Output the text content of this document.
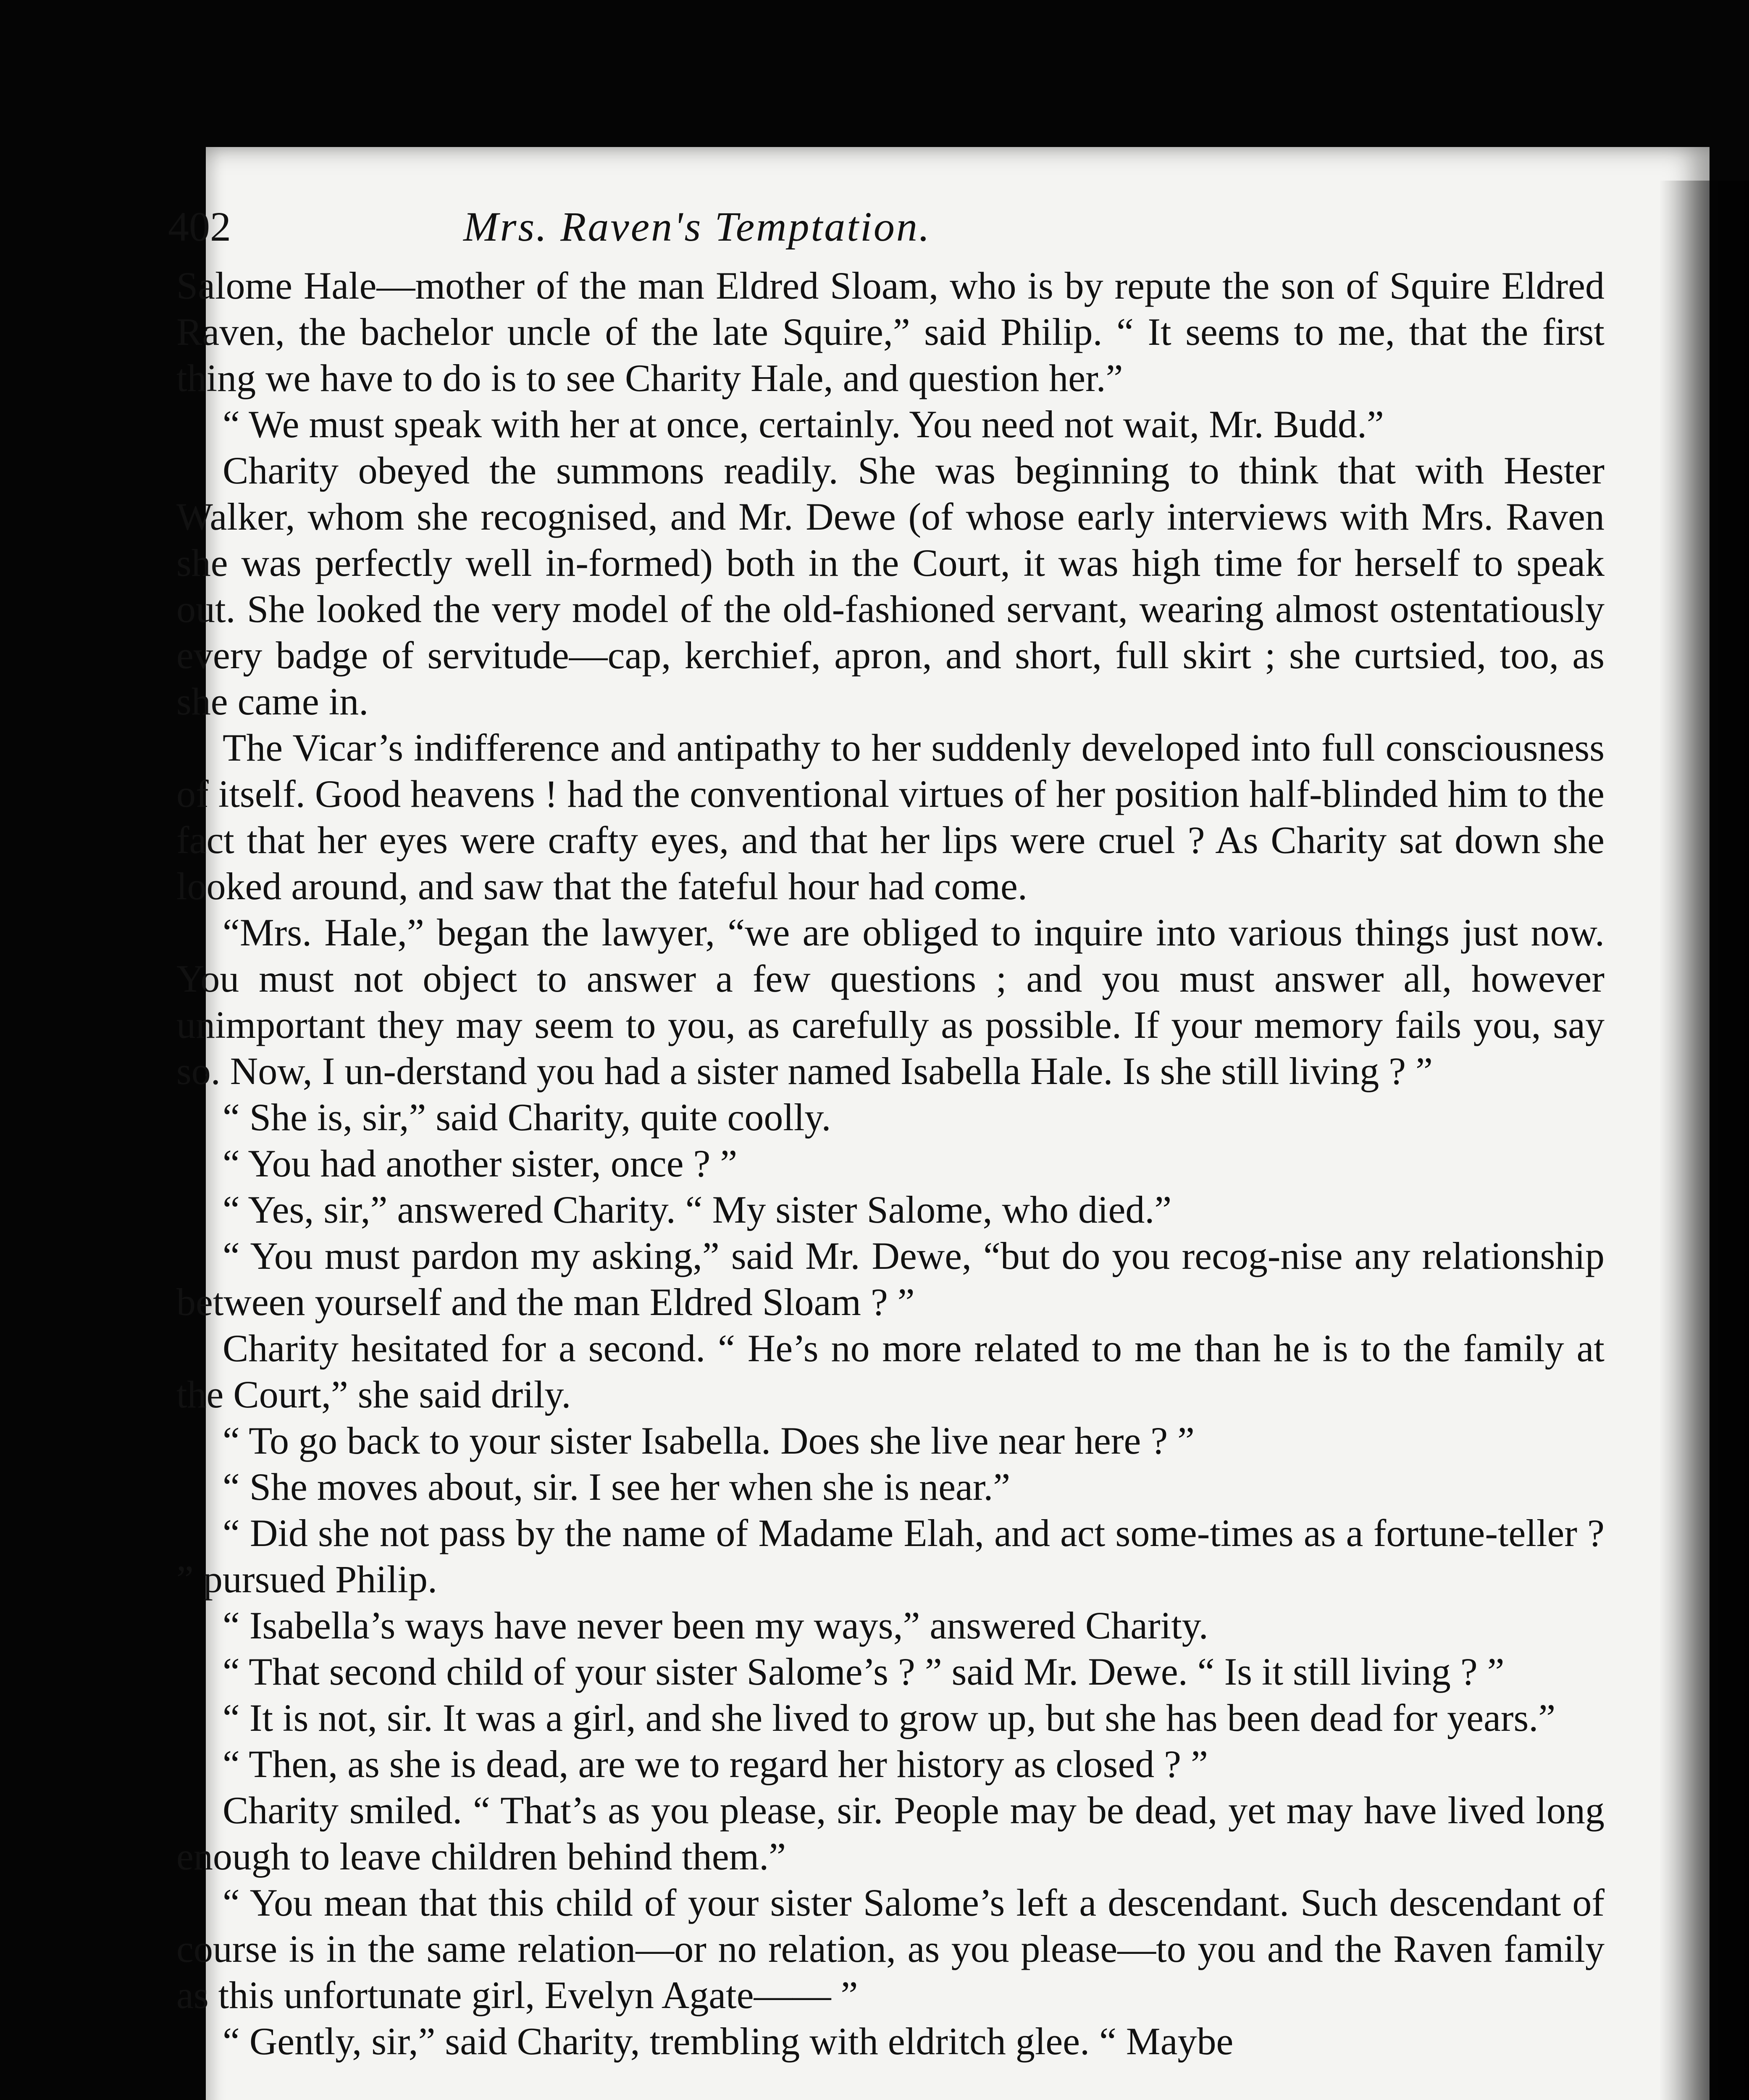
402	Mrs. Raven's Temptation.

Salome Hale—mother of the man Eldred Sloam, who is by repute the son of Squire Eldred Raven, the bachelor uncle of the late Squire,” said Philip. “ It seems to me, that the first thing we have to do is to see Charity Hale, and question her.”

“ We must speak with her at once, certainly. You need not wait, Mr. Budd.”

Charity obeyed the summons readily. She was beginning to think that with Hester Walker, whom she recognised, and Mr. Dewe (of whose early interviews with Mrs. Raven she was perfectly well in-formed) both in the Court, it was high time for herself to speak out. She looked the very model of the old-fashioned servant, wearing almost ostentatiously every badge of servitude—cap, kerchief, apron, and short, full skirt ; she curtsied, too, as she came in.

The Vicar’s indifference and antipathy to her suddenly developed into full consciousness of itself. Good heavens ! had the conventional virtues of her position half-blinded him to the fact that her eyes were crafty eyes, and that her lips were cruel ? As Charity sat down she looked around, and saw that the fateful hour had come.

“Mrs. Hale,” began the lawyer, “we are obliged to inquire into various things just now. You must not object to answer a few questions ; and you must answer all, however unimportant they may seem to you, as carefully as possible. If your memory fails you, say so. Now, I un-derstand you had a sister named Isabella Hale. Is she still living ? ”

“ She is, sir,” said Charity, quite coolly.

“ You had another sister, once ? ”

“ Yes, sir,” answered Charity. “ My sister Salome, who died.”

“ You must pardon my asking,” said Mr. Dewe, “but do you recog-nise any relationship between yourself and the man Eldred Sloam ? ”

Charity hesitated for a second. “ He’s no more related to me than he is to the family at the Court,” she said drily.

“ To go back to your sister Isabella. Does she live near here ? ”

“ She moves about, sir. I see her when she is near.”

“ Did she not pass by the name of Madame Elah, and act some-times as a fortune-teller ? ” pursued Philip.

“ Isabella’s ways have never been my ways,” answered Charity.

“ That second child of your sister Salome’s ? ” said Mr. Dewe. “ Is it still living ? ”

“ It is not, sir. It was a girl, and she lived to grow up, but she has been dead for years.”

“ Then, as she is dead, are we to regard her history as closed ? ”

Charity smiled. “ That’s as you please, sir. People may be dead, yet may have lived long enough to leave children behind them.”

“ You mean that this child of your sister Salome’s left a descendant. Such descendant of course is in the same relation—or no relation, as you please—to you and the Raven family as this unfortunate girl, Evelyn Agate—— ”

“ Gently, sir,” said Charity, trembling with eldritch glee. “ Maybe
